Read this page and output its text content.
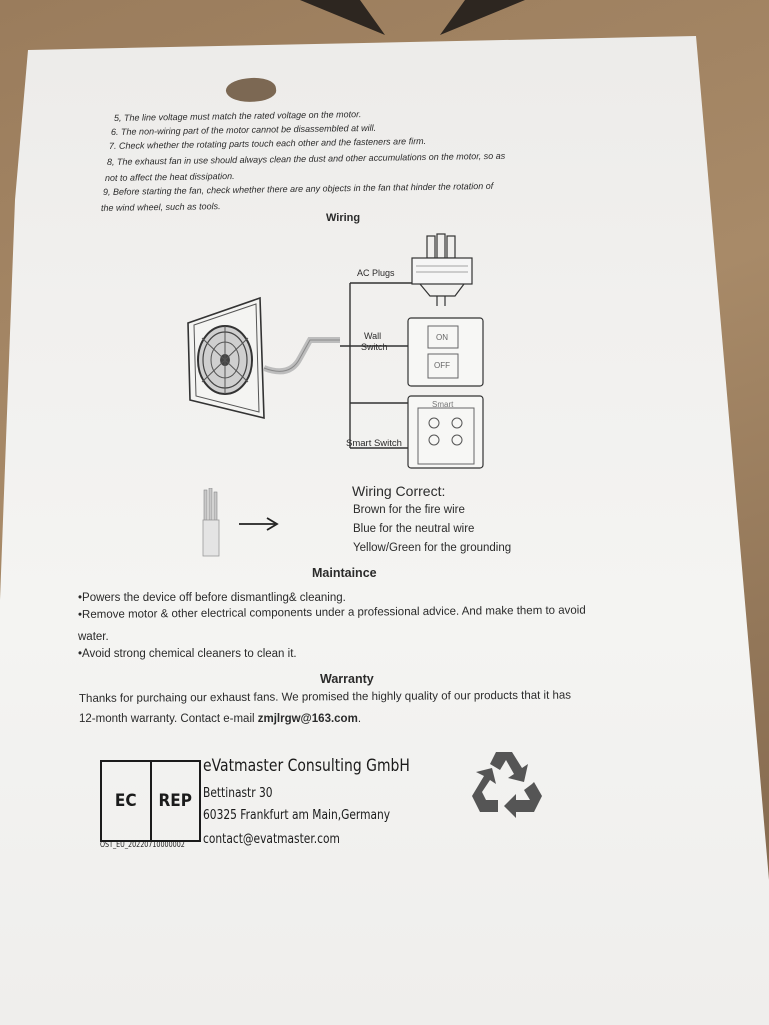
5, The line voltage must match the rated voltage on the motor.
6. The non-wiring part of the motor cannot be disassembled at will.
7. Check whether the rotating parts touch each other and the fasteners are firm.
8, The exhaust fan in use should always clean the dust and other accumulations on the motor, so as
not to affect the heat dissipation.
9, Before starting the fan, check whether there are any objects in the fan that hinder the rotation of
the wind wheel, such as tools.
Wiring
AC Plugs
Wall
Switch
ON
OFF
Smart
Smart Switch
Wiring Correct:
Brown for the fire wire
Blue for the neutral wire
Yellow/Green for the grounding
Maintaince
•Powers the device off before dismantling& cleaning.
•Remove motor & other electrical components under a professional advice. And make them to avoid
water.
•Avoid strong chemical cleaners to clean it.
Warranty
Thanks for purchaing our exhaust fans. We promised the highly quality of our products that it has
12-month warranty. Contact e-mail zmjlrgw@163.com.
EC	REP
OST_EU_20220710000002
eVatmaster Consulting GmbH
Bettinastr 30
60325 Frankfurt am Main,Germany
contact@evatmaster.com
